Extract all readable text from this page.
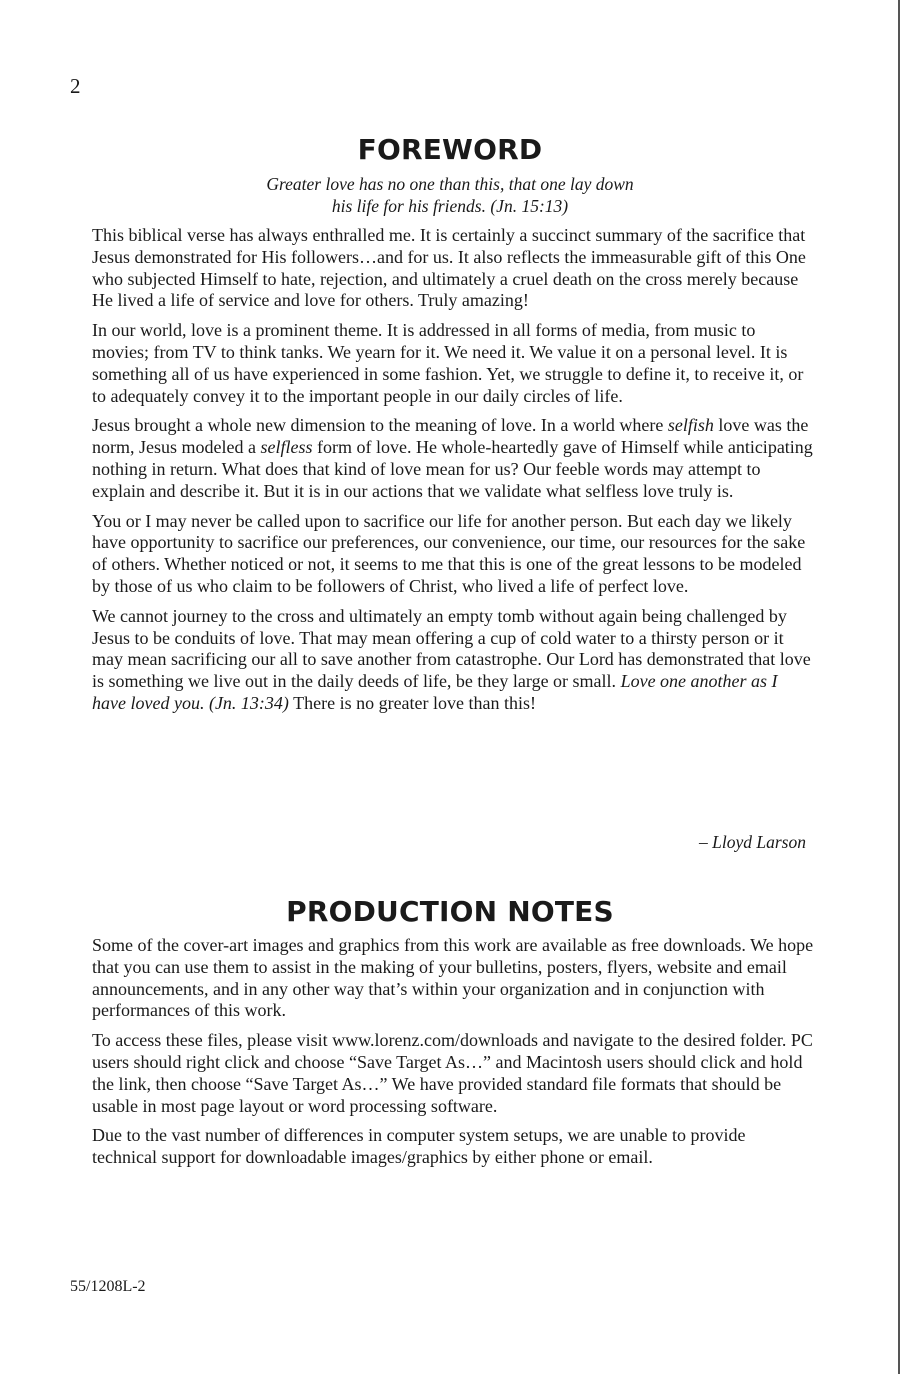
2
FOREWORD
Greater love has no one than this, that one lay down
his life for his friends. (Jn. 15:13)

This biblical verse has always enthralled me. It is certainly a succinct summary of the sacrifice that Jesus demonstrated for His followers…and for us. It also reflects the immeasurable gift of this One who subjected Himself to hate, rejection, and ultimately a cruel death on the cross merely because He lived a life of service and love for others. Truly amazing!

In our world, love is a prominent theme. It is addressed in all forms of media, from music to movies; from TV to think tanks. We yearn for it. We need it. We value it on a personal level. It is something all of us have experienced in some fashion. Yet, we struggle to define it, to receive it, or to adequately convey it to the important people in our daily circles of life.

Jesus brought a whole new dimension to the meaning of love. In a world where selfish love was the norm, Jesus modeled a selfless form of love. He whole-heartedly gave of Himself while anticipating nothing in return. What does that kind of love mean for us? Our feeble words may attempt to explain and describe it. But it is in our actions that we validate what selfless love truly is.

You or I may never be called upon to sacrifice our life for another person. But each day we likely have opportunity to sacrifice our preferences, our convenience, our time, our resources for the sake of others. Whether noticed or not, it seems to me that this is one of the great lessons to be modeled by those of us who claim to be followers of Christ, who lived a life of perfect love.

We cannot journey to the cross and ultimately an empty tomb without again being challenged by Jesus to be conduits of love. That may mean offering a cup of cold water to a thirsty person or it may mean sacrificing our all to save another from catastrophe. Our Lord has demonstrated that love is something we live out in the daily deeds of life, be they large or small. Love one another as I have loved you. (Jn. 13:34) There is no greater love than this!

– Lloyd Larson
PRODUCTION NOTES

Some of the cover-art images and graphics from this work are available as free downloads. We hope that you can use them to assist in the making of your bulletins, posters, flyers, website and email announcements, and in any other way that’s within your organization and in conjunction with performances of this work.

To access these files, please visit www.lorenz.com/downloads and navigate to the desired folder. PC users should right click and choose “Save Target As…” and Macintosh users should click and hold the link, then choose “Save Target As…” We have provided standard file formats that should be usable in most page layout or word processing software.

Due to the vast number of differences in computer system setups, we are unable to provide technical support for downloadable images/graphics by either phone or email.

55/1208L-2
